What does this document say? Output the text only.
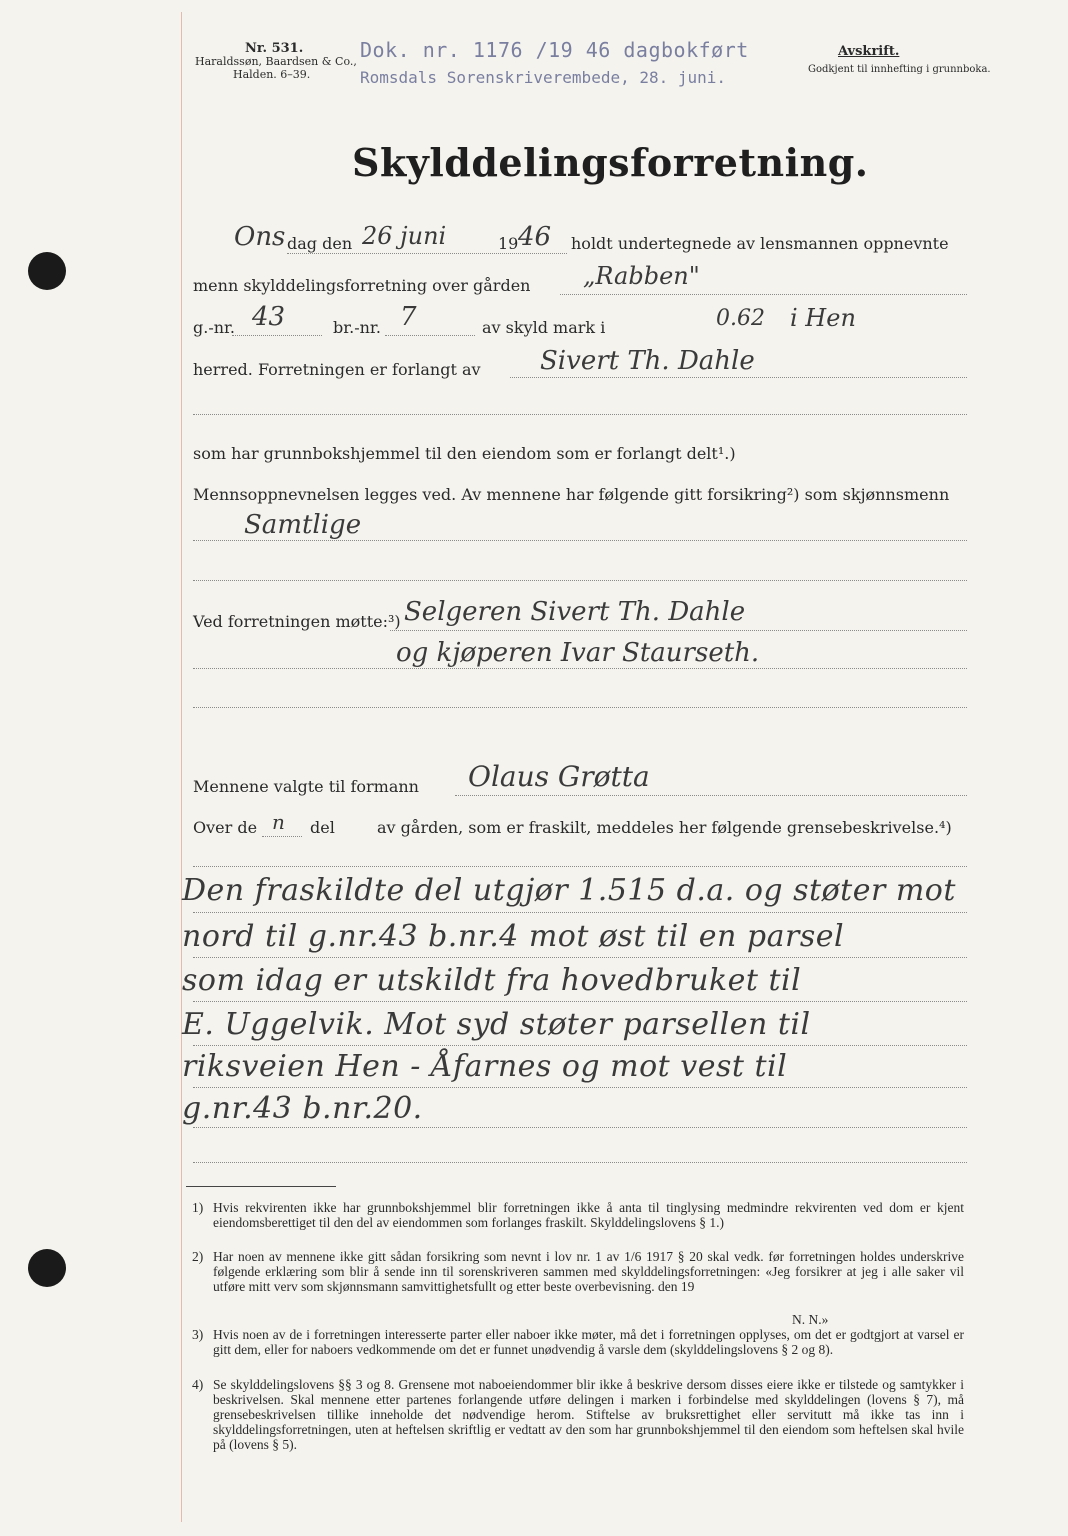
Nr. 531.
Haraldssøn, Baardsen & Co.,
Halden. 6–39.
Dok. nr. 1176 /19 46 dagbokført
Romsdals Sorenskriverembede, 28. juni.
Avskrift.
Godkjent til innhefting i grunnboka.
Skylddelingsforretning.
Ons dag den 26 juni	19 46 holdt undertegnede av lensmannen oppnevnte
menn skylddelingsforretning over gården „Rabben"
g.-nr. 43	br.-nr. 7	av skyld mark i	0.62 i Hen
herred. Forretningen er forlangt av Sivert Th. Dahle
som har grunnbokshjemmel til den eiendom som er forlangt delt¹.)
Mennsoppnevnelsen legges ved. Av mennene har følgende gitt forsikring²) som skjønnsmenn
Samtlige
Ved forretningen møtte:³) Selgeren Sivert Th. Dahle
og kjøperen Ivar Staurseth.
Mennene valgte til formann Olaus Grøtta
Over de n del	av gården, som er fraskilt, meddeles her følgende grensebeskrivelse.⁴)
Den fraskildte del utgjør 1.515 d.a. og støter mot
nord til g.nr.43 b.nr.4 mot øst til en parsel
som idag er utskildt fra hovedbruket til
E. Uggelvik. Mot syd støter parsellen til
riksveien Hen - Åfarnes og mot vest til
g.nr.43 b.nr.20.
1) Hvis rekvirenten ikke har grunnbokshjemmel blir forretningen ikke å anta til tinglysing medmindre rekvirenten ved dom er kjent eiendomsberettiget til den del av eiendommen som forlanges fraskilt. Skylddelingslovens § 1.)
2) Har noen av mennene ikke gitt sådan forsikring som nevnt i lov nr. 1 av 1/6 1917 § 20 skal vedk. før forretningen holdes underskrive følgende erklæring som blir å sende inn til sorenskriveren sammen med skylddelingsforretningen: «Jeg forsikrer at jeg i alle saker vil utføre mitt verv som skjønnsmann samvittighetsfullt og etter beste overbevisning. den 19
N. N.»
3) Hvis noen av de i forretningen interesserte parter eller naboer ikke møter, må det i forretningen opplyses, om det er godtgjort at varsel er gitt dem, eller for naboers vedkommende om det er funnet unødvendig å varsle dem (skylddelingslovens § 2 og 8).
4) Se skylddelingslovens §§ 3 og 8. Grensene mot naboeiendommer blir ikke å beskrive dersom disses eiere ikke er tilstede og samtykker i beskrivelsen. Skal mennene etter partenes forlangende utføre delingen i marken i forbindelse med skylddelingen (lovens § 7), må grensebeskrivelsen tillike inneholde det nødvendige herom. Stiftelse av bruksrettighet eller servitutt må ikke tas inn i skylddelingsforretningen, uten at heftelsen skriftlig er vedtatt av den som har grunnbokshjemmel til den eiendom som heftelsen skal hvile på (lovens § 5).
